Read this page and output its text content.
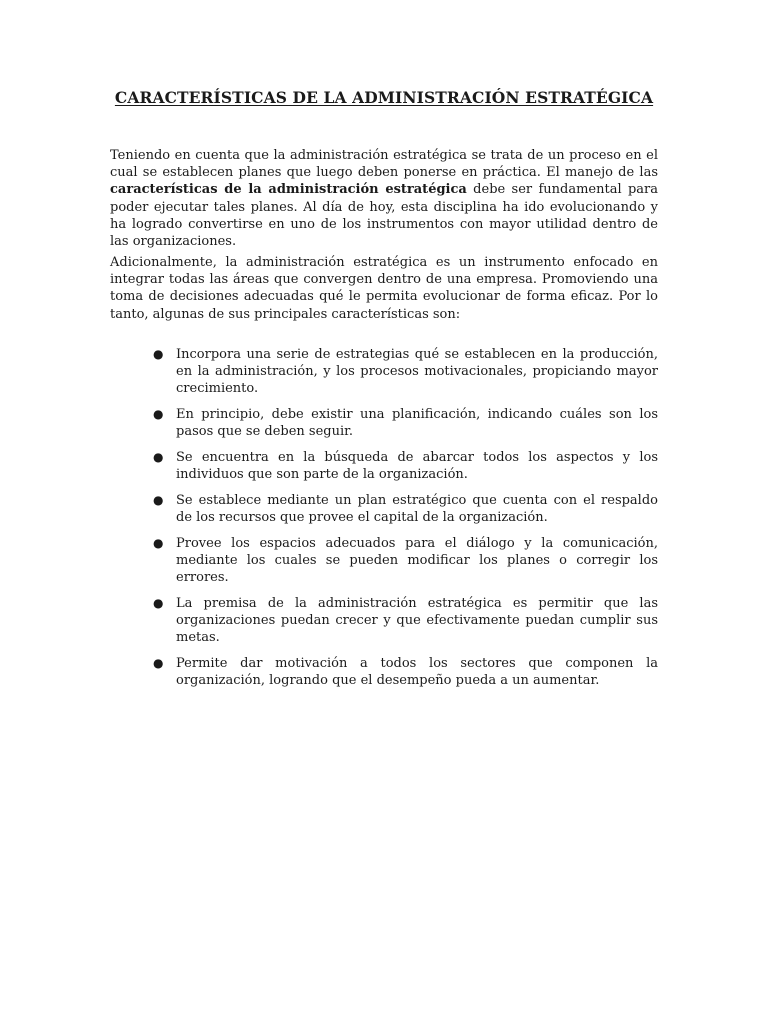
CARACTERÍSTICAS DE LA ADMINISTRACIÓN ESTRATÉGICA

Teniendo en cuenta que la administración estratégica se trata de un proceso en el cual se establecen planes que luego deben ponerse en práctica. El manejo de las características de la administración estratégica debe ser fundamental para poder ejecutar tales planes. Al día de hoy, esta disciplina ha ido evolucionando y ha logrado convertirse en uno de los instrumentos con mayor utilidad dentro de las organizaciones.

Adicionalmente, la administración estratégica es un instrumento enfocado en integrar todas las áreas que convergen dentro de una empresa. Promoviendo una toma de decisiones adecuadas qué le permita evolucionar de forma eficaz. Por lo tanto, algunas de sus principales características son:

● Incorpora una serie de estrategias qué se establecen en la producción, en la administración, y los procesos motivacionales, propiciando mayor crecimiento.
● En principio, debe existir una planificación, indicando cuáles son los pasos que se deben seguir.
● Se encuentra en la búsqueda de abarcar todos los aspectos y los individuos que son parte de la organización.
● Se establece mediante un plan estratégico que cuenta con el respaldo de los recursos que provee el capital de la organización.
● Provee los espacios adecuados para el diálogo y la comunicación, mediante los cuales se pueden modificar los planes o corregir los errores.
● La premisa de la administración estratégica es permitir que las organizaciones puedan crecer y que efectivamente puedan cumplir sus metas.
● Permite dar motivación a todos los sectores que componen la organización, logrando que el desempeño pueda a un aumentar.
